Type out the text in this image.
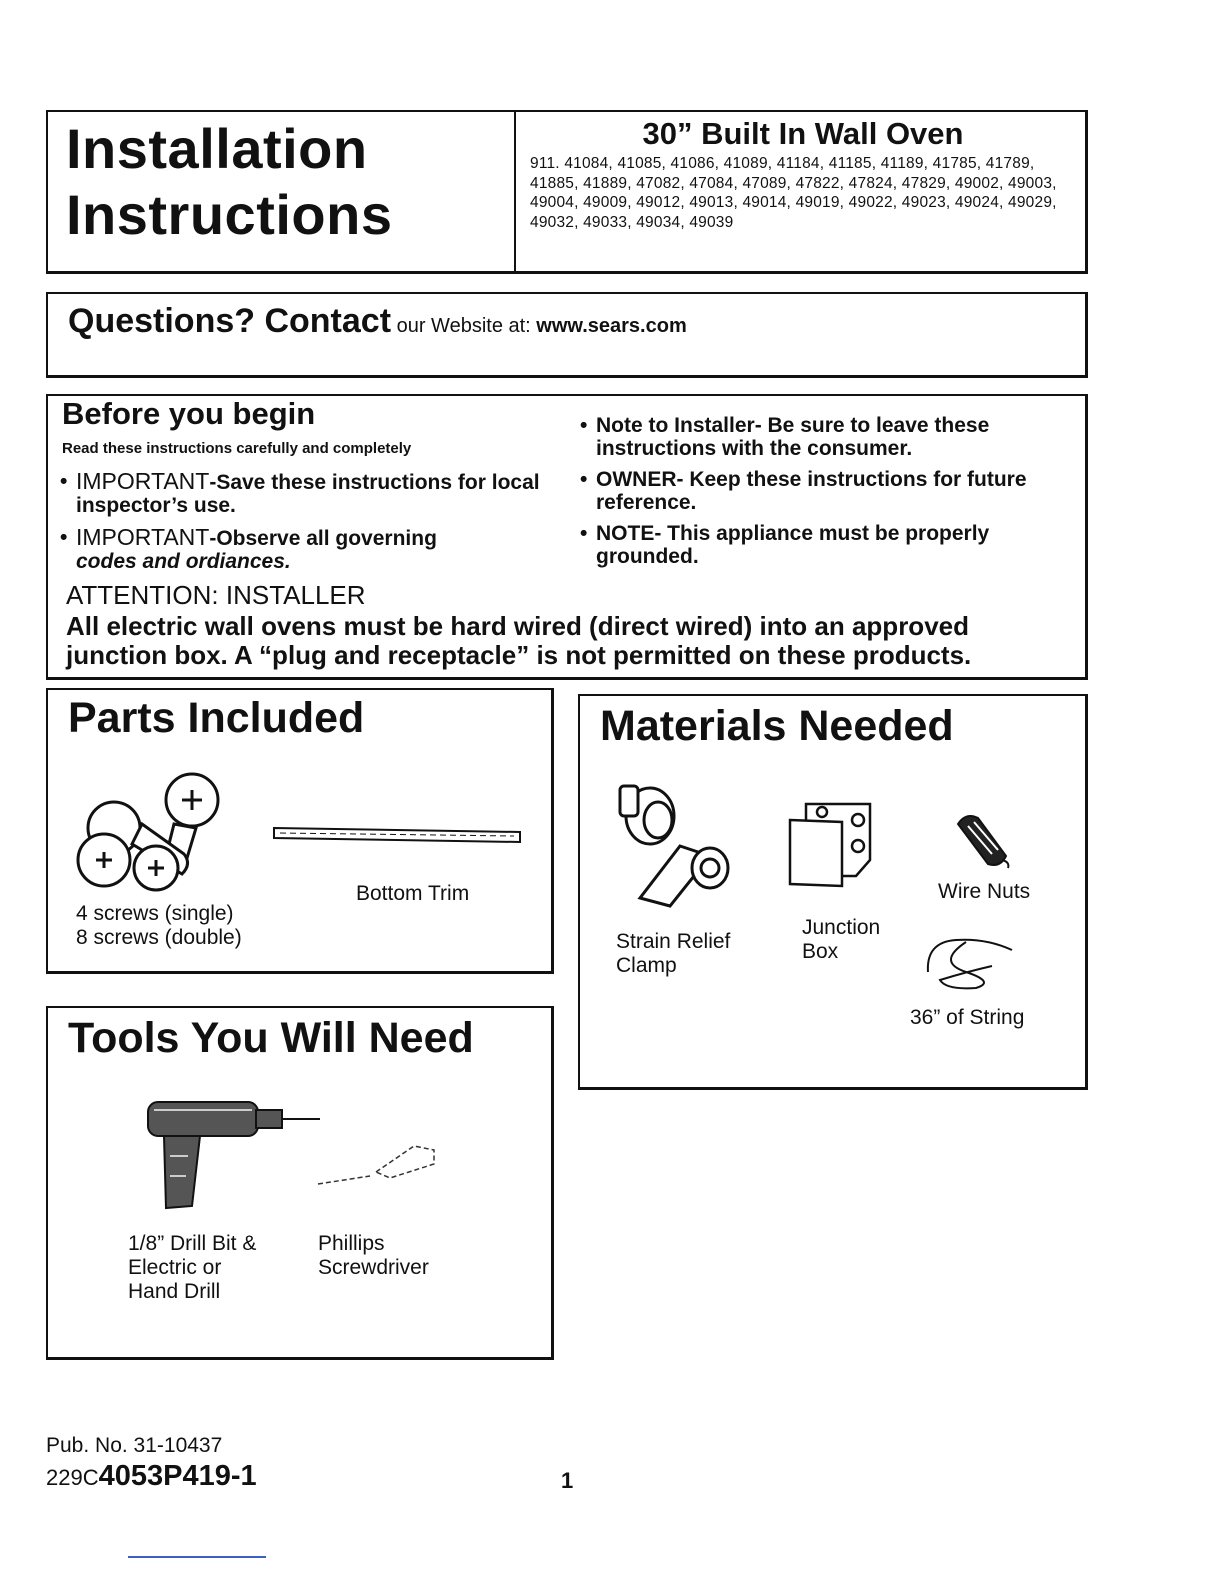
Installation
Instructions
30” Built In Wall Oven
911. 41084, 41085, 41086, 41089, 41184, 41185, 41189, 41785, 41789, 41885, 41889, 47082, 47084, 47089, 47822, 47824, 47829, 49002, 49003, 49004, 49009, 49012, 49013, 49014, 49019, 49022, 49023, 49024, 49029, 49032, 49033, 49034, 49039
Questions? Contact our Website at: www.sears.com
Before you begin
Read these instructions carefully and completely
• IMPORTANT-Save these instructions for local inspector’s use.
• IMPORTANT-Observe all governing
codes and ordiances.
• Note to Installer- Be sure to leave these instructions with the consumer.
• OWNER- Keep these instructions for future reference.
• NOTE- This appliance must be properly grounded.
ATTENTION: INSTALLER
All electric wall ovens must be hard wired (direct wired) into an approved junction box. A “plug and receptacle” is not permitted on these products.
Parts Included
Bottom Trim
4 screws (single)
8 screws (double)
Materials Needed
Strain Relief
Clamp
Junction
Box
Wire Nuts
36” of String
Tools You Will Need
1/8” Drill Bit &
Electric or
Hand Drill
Phillips
Screwdriver
Pub. No. 31-10437
229C4053P419-1	1
